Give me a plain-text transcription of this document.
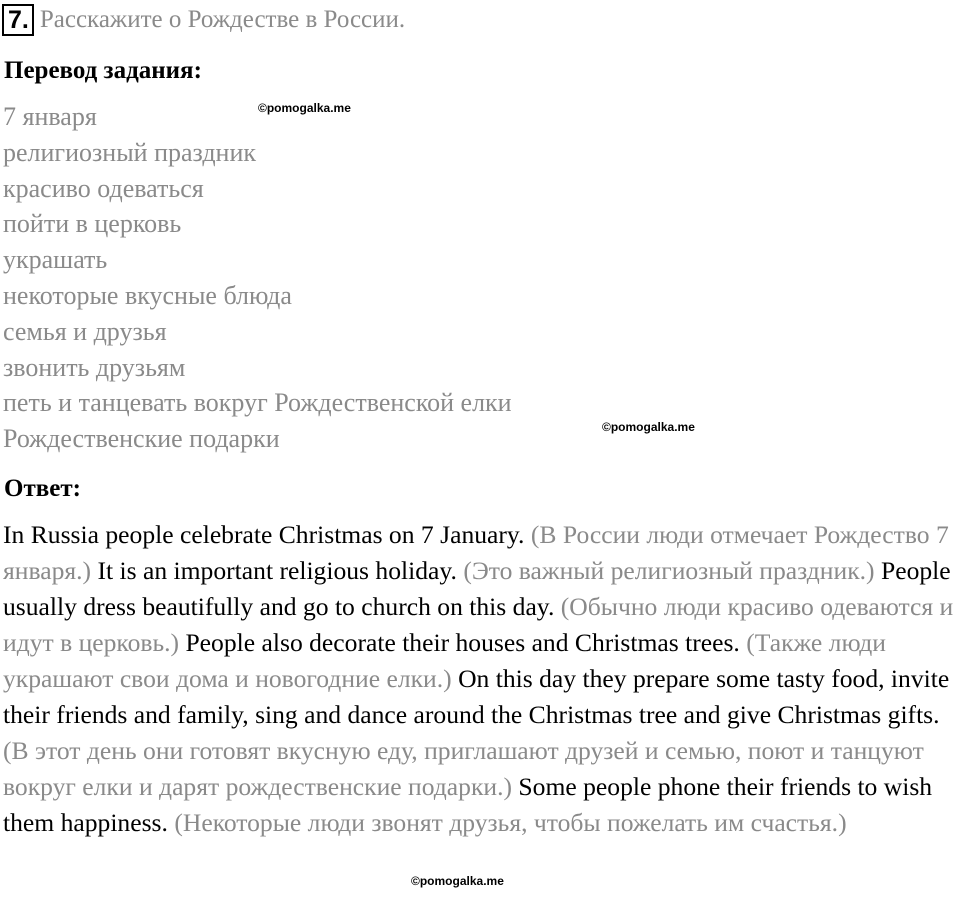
7. Расскажите о Рождестве в России.
Перевод задания:
©pomogalka.me
7 января
религиозный праздник
красиво одеваться
пойти в церковь
украшать
некоторые вкусные блюда
семья и друзья
звонить друзьям
петь и танцевать вокруг Рождественской елки
Рождественские подарки	©pomogalka.me
Ответ:

In Russia people celebrate Christmas on 7 January. (В России люди отмечает Рождество 7 января.) It is an important religious holiday. (Это важный религиозный праздник.) People usually dress beautifully and go to church on this day. (Обычно люди красиво одеваются и идут в церковь.) People also decorate their houses and Christmas trees. (Также люди украшают свои дома и новогодние елки.) On this day they prepare some tasty food, invite their friends and family, sing and dance around the Christmas tree and give Christmas gifts. (В этот день они готовят вкусную еду, приглашают друзей и семью, поют и танцуют вокруг елки и дарят рождественские подарки.) Some people phone their friends to wish them happiness. (Некоторые люди звонят друзья, чтобы пожелать им счастья.)

©pomogalka.me
